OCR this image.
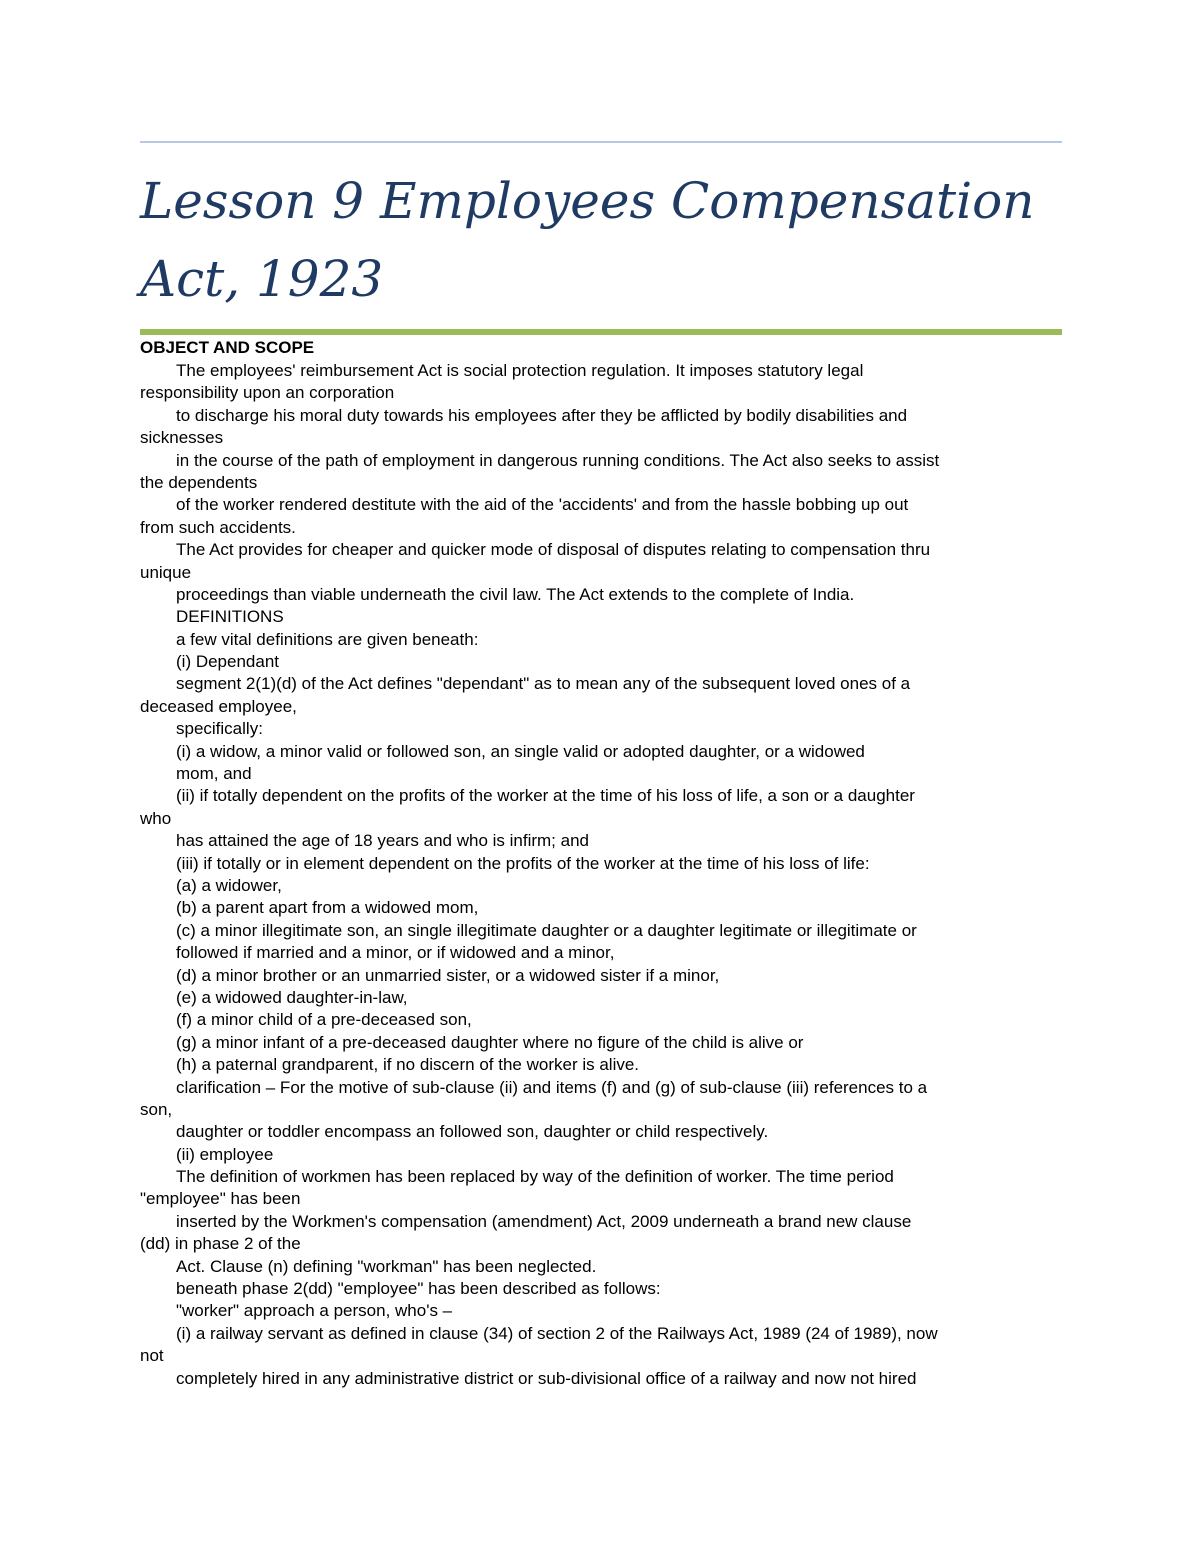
Lesson 9 Employees Compensation
Act, 1923

OBJECT AND SCOPE

The employees' reimbursement Act is social protection regulation. It imposes statutory legal

responsibility upon an corporation

to discharge his moral duty towards his employees after they be afflicted by bodily disabilities and

sicknesses

in the course of the path of employment in dangerous running conditions. The Act also seeks to assist

the dependents

of the worker rendered destitute with the aid of the 'accidents' and from the hassle bobbing up out

from such accidents.

The Act provides for cheaper and quicker mode of disposal of disputes relating to compensation thru

unique

proceedings than viable underneath the civil law. The Act extends to the complete of India.

DEFINITIONS

a few vital definitions are given beneath:

(i) Dependant

segment 2(1)(d) of the Act defines "dependant" as to mean any of the subsequent loved ones of a

deceased employee,

specifically:

(i) a widow, a minor valid or followed son, an single valid or adopted daughter, or a widowed

mom, and

(ii) if totally dependent on the profits of the worker at the time of his loss of life, a son or a daughter

who

has attained the age of 18 years and who is infirm; and

(iii) if totally or in element dependent on the profits of the worker at the time of his loss of life:

(a) a widower,

(b) a parent apart from a widowed mom,

(c) a minor illegitimate son, an single illegitimate daughter or a daughter legitimate or illegitimate or

followed if married and a minor, or if widowed and a minor,

(d) a minor brother or an unmarried sister, or a widowed sister if a minor,

(e) a widowed daughter-in-law,

(f) a minor child of a pre-deceased son,

(g) a minor infant of a pre-deceased daughter where no figure of the child is alive or

(h) a paternal grandparent, if no discern of the worker is alive.

clarification – For the motive of sub-clause (ii) and items (f) and (g) of sub-clause (iii) references to a

son,

daughter or toddler encompass an followed son, daughter or child respectively.

(ii) employee

The definition of workmen has been replaced by way of the definition of worker. The time period

"employee" has been

inserted by the Workmen's compensation (amendment) Act, 2009 underneath a brand new clause

(dd) in phase 2 of the

Act. Clause (n) defining "workman" has been neglected.

beneath phase 2(dd) "employee" has been described as follows:

"worker" approach a person, who's –

(i) a railway servant as defined in clause (34) of section 2 of the Railways Act, 1989 (24 of 1989), now

not

completely hired in any administrative district or sub-divisional office of a railway and now not hired
